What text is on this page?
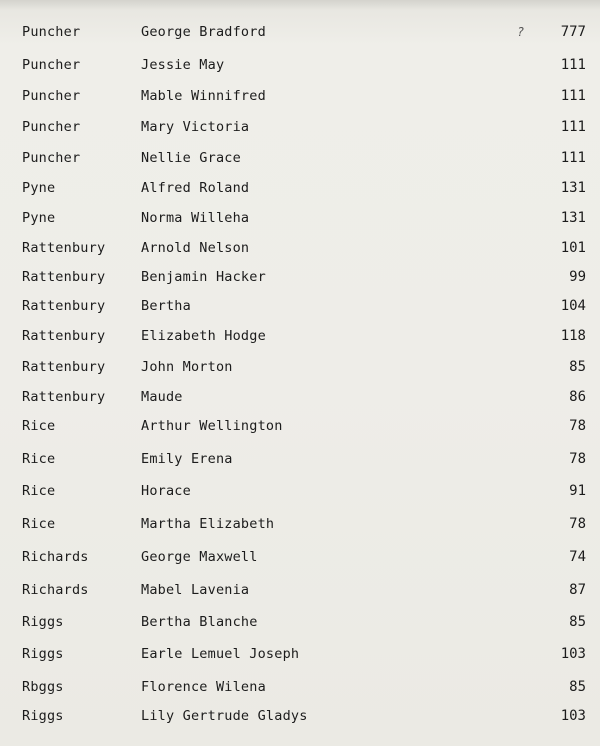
Puncher	George Bradford	?	777
Puncher	Jessie May	111
Puncher	Mable Winnifred	111
Puncher	Mary Victoria	111
Puncher	Nellie Grace	111
Pyne	Alfred Roland	131
Pyne	Norma Willeha	131
Rattenbury	Arnold Nelson	101
Rattenbury	Benjamin Hacker	99
Rattenbury	Bertha	104
Rattenbury	Elizabeth Hodge	118
Rattenbury	John Morton	85
Rattenbury	Maude	86
Rice	Arthur Wellington	78
Rice	Emily Erena	78
Rice	Horace	91
Rice	Martha Elizabeth	78
Richards	George Maxwell	74
Richards	Mabel Lavenia	87
Riggs	Bertha Blanche	85
Riggs	Earle Lemuel Joseph	103
Rbggs	Florence Wilena	85
Riggs	Lily Gertrude Gladys	103
